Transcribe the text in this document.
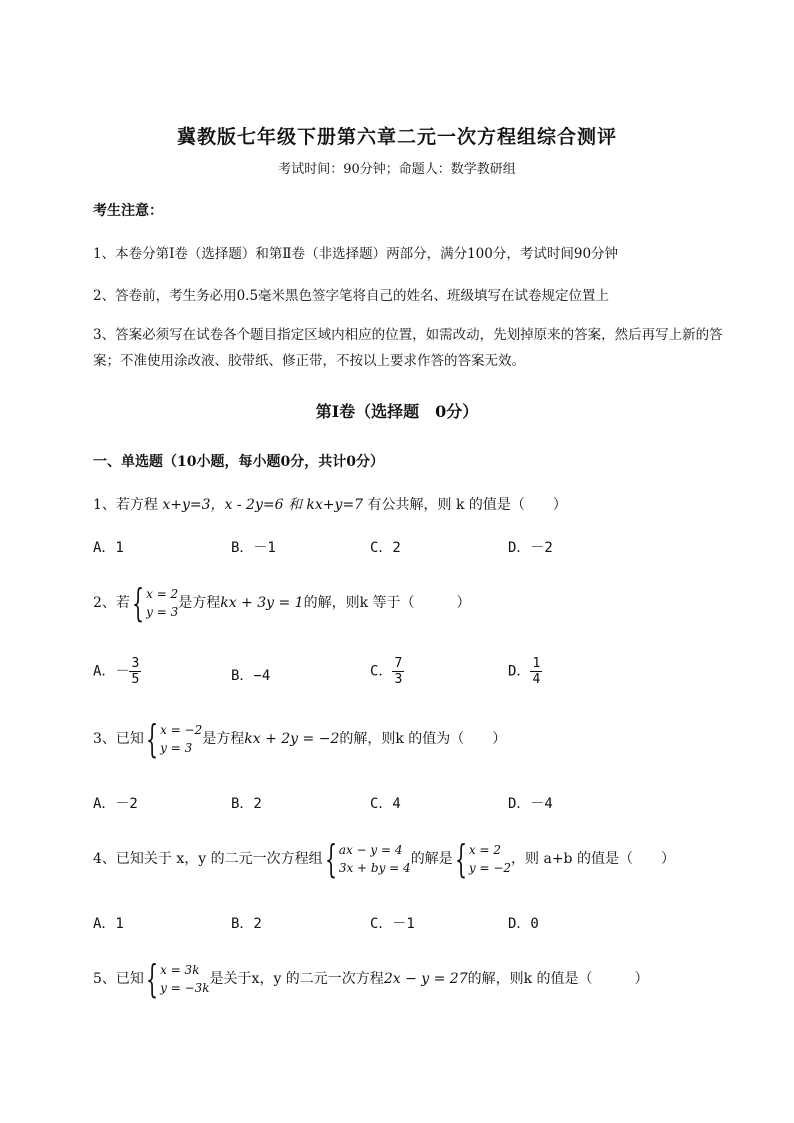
冀教版七年级下册第六章二元一次方程组综合测评
考试时间：90分钟；命题人：数学教研组
考生注意：
1、本卷分第I卷（选择题）和第Ⅱ卷（非选择题）两部分，满分100分，考试时间90分钟
2、答卷前，考生务必用0.5毫米黑色签字笔将自己的姓名、班级填写在试卷规定位置上
3、答案必须写在试卷各个题目指定区域内相应的位置，如需改动，先划掉原来的答案，然后再写上新的答案；不准使用涂改液、胶带纸、修正带，不按以上要求作答的答案无效。
第I卷（选择题　0分）
一、单选题（10小题，每小题0分，共计0分）
1、若方程 x+y=3，x - 2y=6 和 kx+y=7 有公共解，则 k 的值是（　　）
A．1	B．－1	C．2	D．－2
2、若{ x = 2
y = 3
是方程kx + 3y = 1的解，则k 等于（　　　）
A．－ $\frac{3}{5}$	B．−4	C． $\frac{7}{3}$	D． $\frac{1}{4}$
3、已知{ x = −2
y = 3
是方程kx + 2y = −2的解，则k 的值为（　　）
A．－2	B．2	C．4	D．－4
4、已知关于 x，y 的二元一次方程组{ ax − y = 4
3x + by = 4
的解是{ x = 2
y = −2
，则 a+b 的值是（　　）
A．1	B．2	C．－1	D．0
5、已知{ x = 3k
y = −3k
是关于x，y 的二元一次方程2x − y = 27的解，则k 的值是（　　　）
